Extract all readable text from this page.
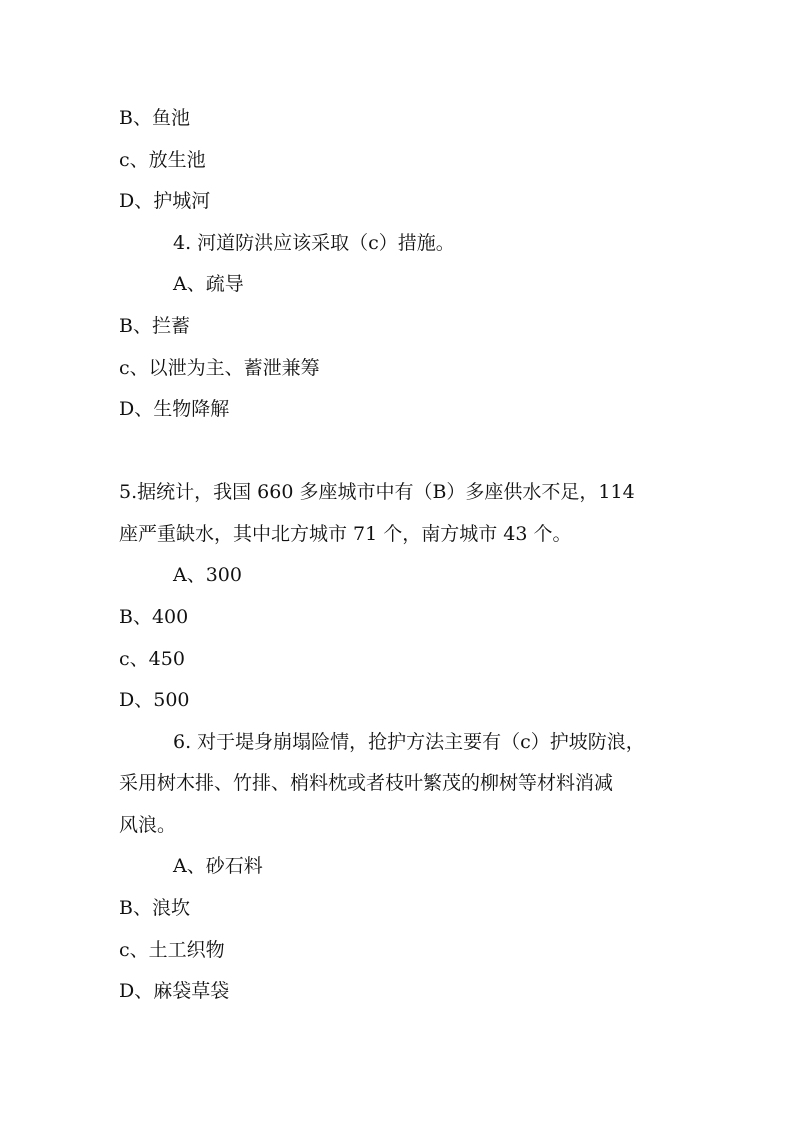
B、鱼池
c、放生池
D、护城河
4. 河道防洪应该采取（c）措施。
A、疏导
B、拦蓄
c、以泄为主、蓄泄兼筹
D、生物降解
5.据统计，我国 660 多座城市中有（B）多座供水不足，114
座严重缺水，其中北方城市 71 个，南方城市 43 个。
A、300
B、400
c、450
D、500
6. 对于堤身崩塌险情，抢护方法主要有（c）护坡防浪，
采用树木排、竹排、梢料枕或者枝叶繁茂的柳树等材料消减
风浪。
A、砂石料
B、浪坎
c、土工织物
D、麻袋草袋
